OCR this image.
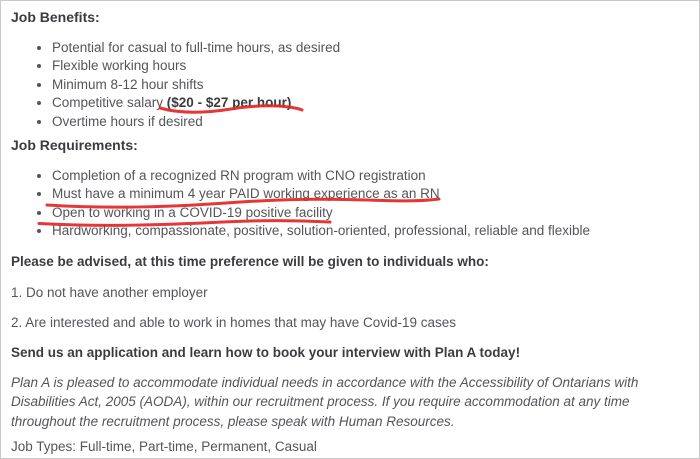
Job Benefits:
• Potential for casual to full-time hours, as desired
• Flexible working hours
• Minimum 8-12 hour shifts
• Competitive salary ($20 - $27 per hour)
• Overtime hours if desired
Job Requirements:
• Completion of a recognized RN program with CNO registration
• Must have a minimum 4 year PAID working experience as an RN
• Open to working in a COVID-19 positive facility
• Hardworking, compassionate, positive, solution-oriented, professional, reliable and flexible

Please be advised, at this time preference will be given to individuals who:

1. Do not have another employer

2. Are interested and able to work in homes that may have Covid-19 cases

Send us an application and learn how to book your interview with Plan A today!

Plan A is pleased to accommodate individual needs in accordance with the Accessibility of Ontarians with Disabilities Act, 2005 (AODA), within our recruitment process. If you require accommodation at any time throughout the recruitment process, please speak with Human Resources.

Job Types: Full-time, Part-time, Permanent, Casual
